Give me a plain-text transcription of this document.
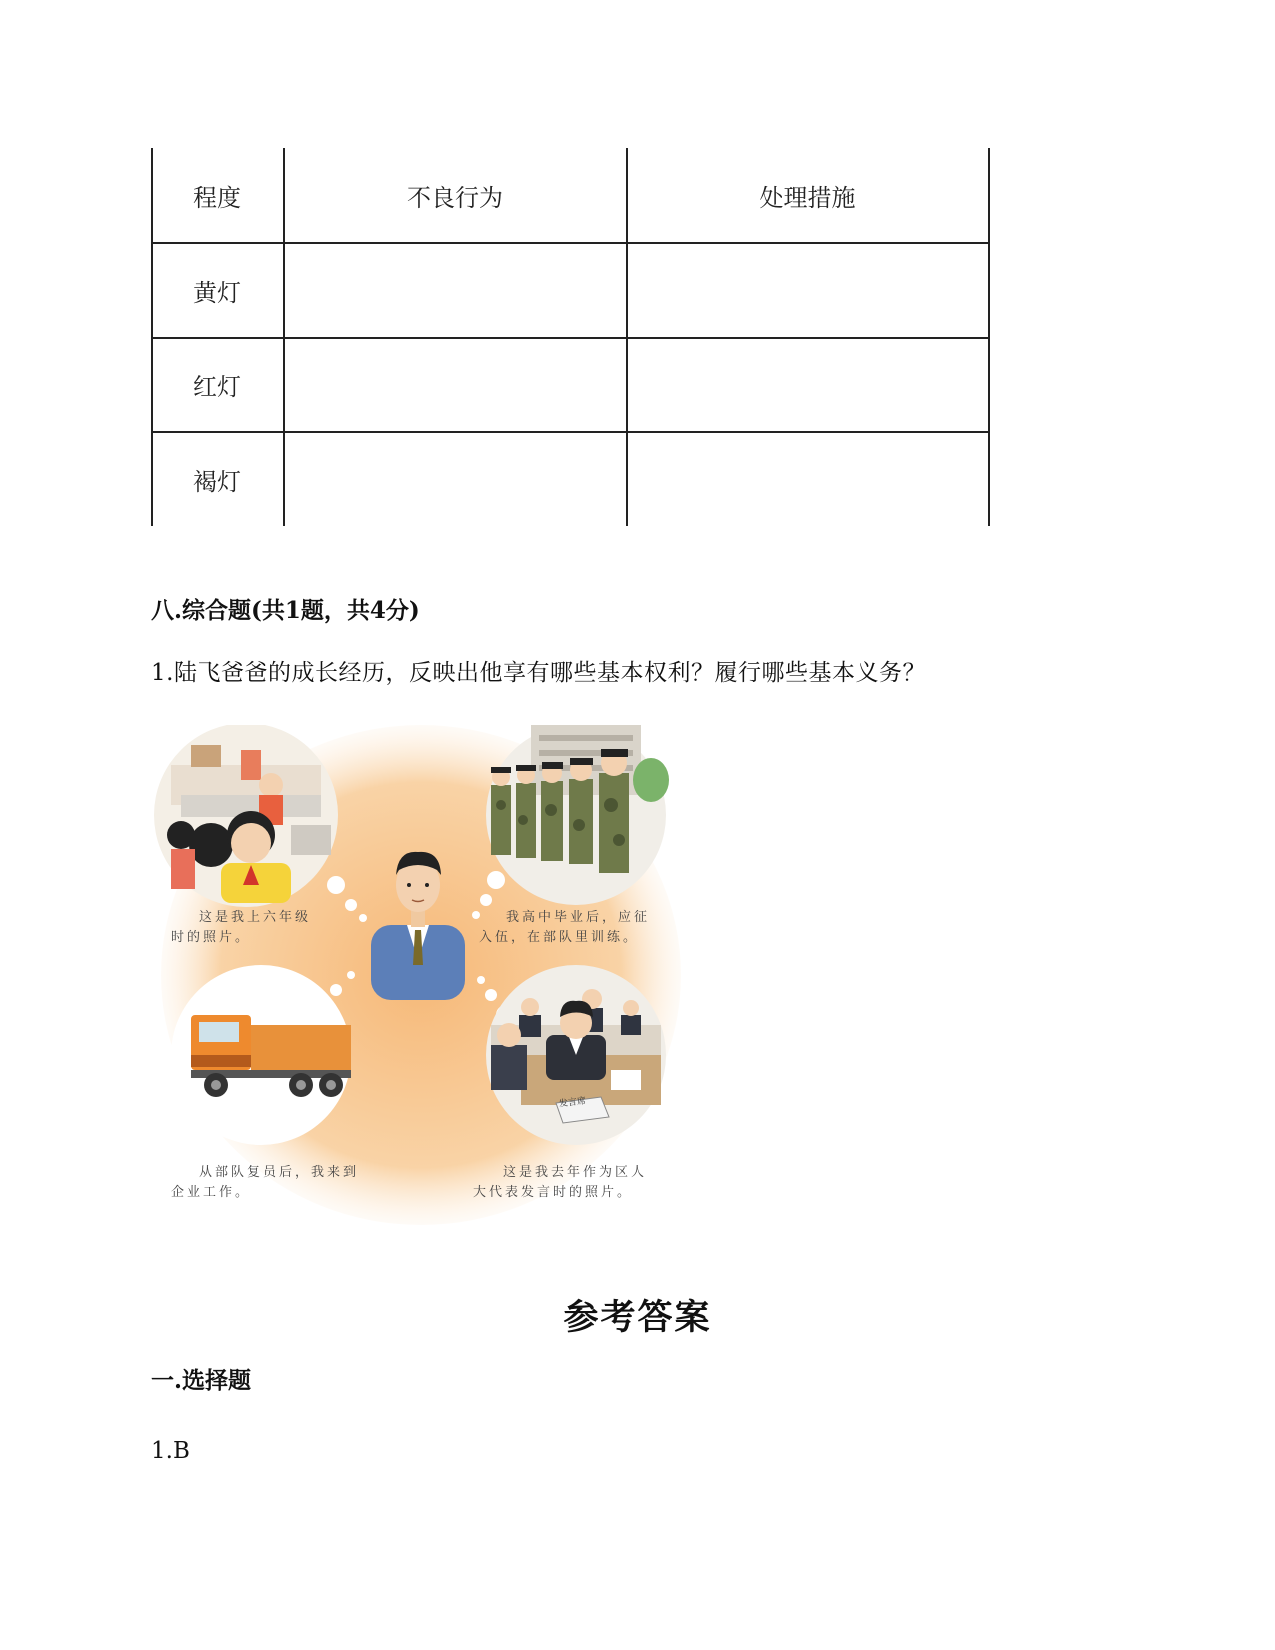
程度	不良行为	处理措施
黄灯
红灯
褐灯
八.综合题(共1题，共4分)
1.陆飞爸爸的成长经历，反映出他享有哪些基本权利？履行哪些基本义务？
发言席
这是我上六年级
时的照片。
我高中毕业后，应征
入伍，在部队里训练。
从部队复员后，我来到
企业工作。
这是我去年作为区人
大代表发言时的照片。
参考答案
一.选择题
1.B
